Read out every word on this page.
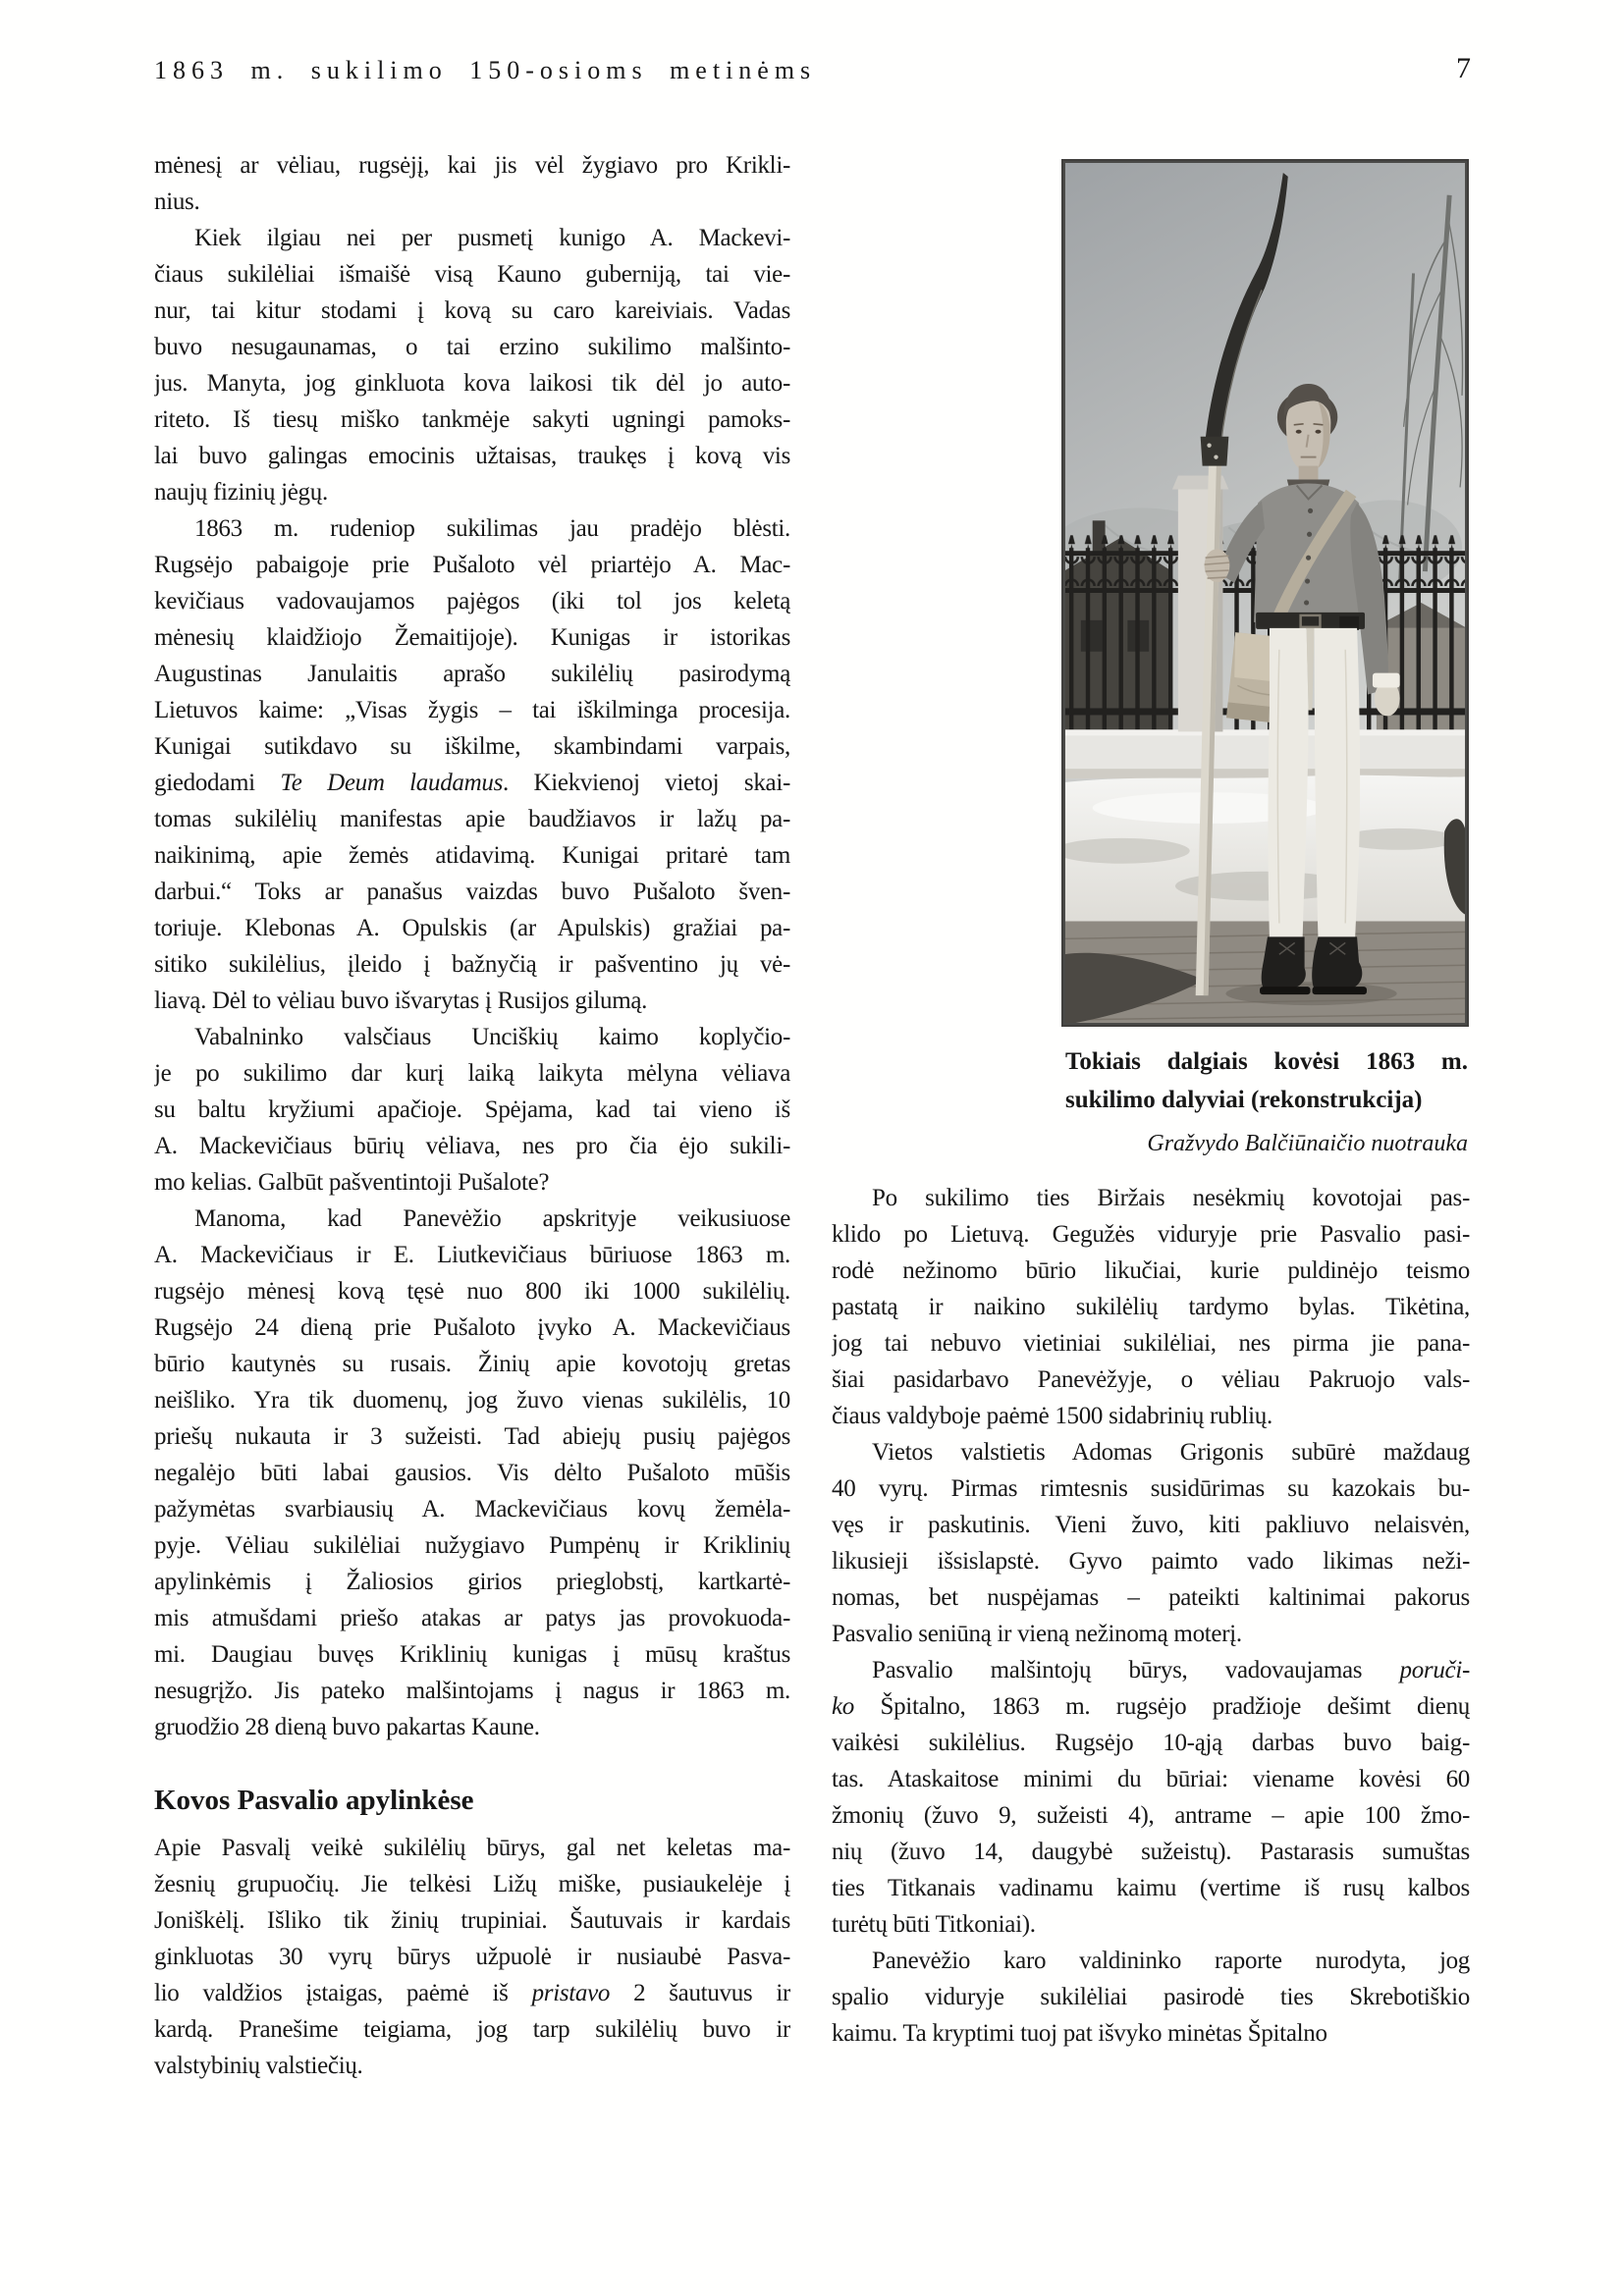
1863 m. sukilimo 150-osioms metinėms	7
mėnesį ar vėliau, rugsėjį, kai jis vėl žygiavo pro Krikli-
nius.
Kiek ilgiau nei per pusmetį kunigo A. Mackevi-
čiaus sukilėliai išmaišė visą Kauno guberniją, tai vie-
nur, tai kitur stodami į kovą su caro kareiviais. Vadas
buvo nesugaunamas, o tai erzino sukilimo malšinto-
jus. Manyta, jog ginkluota kova laikosi tik dėl jo auto-
riteto. Iš tiesų miško tankmėje sakyti ugningi pamoks-
lai buvo galingas emocinis užtaisas, traukęs į kovą vis
naujų fizinių jėgų.
1863 m. rudeniop sukilimas jau pradėjo blėsti.
Rugsėjo pabaigoje prie Pušaloto vėl priartėjo A. Mac-
kevičiaus vadovaujamos pajėgos (iki tol jos keletą
mėnesių klaidžiojo Žemaitijoje). Kunigas ir istorikas
Augustinas Janulaitis aprašo sukilėlių pasirodymą
Lietuvos kaime: „Visas žygis – tai iškilminga procesija.
Kunigai sutikdavo su iškilme, skambindami varpais,
giedodami Te Deum laudamus. Kiekvienoj vietoj skai-
tomas sukilėlių manifestas apie baudžiavos ir lažų pa-
naikinimą, apie žemės atidavimą. Kunigai pritarė tam
darbui.“ Toks ar panašus vaizdas buvo Pušaloto šven-
toriuje. Klebonas A. Opulskis (ar Apulskis) gražiai pa-
sitiko sukilėlius, įleido į bažnyčią ir pašventino jų vė-
liavą. Dėl to vėliau buvo išvarytas į Rusijos gilumą.
Vabalninko valsčiaus Unciškių kaimo koplyčio-
je po sukilimo dar kurį laiką laikyta mėlyna vėliava
su baltu kryžiumi apačioje. Spėjama, kad tai vieno iš
A. Mackevičiaus būrių vėliava, nes pro čia ėjo sukili-
mo kelias. Galbūt pašventintoji Pušalote?
Manoma, kad Panevėžio apskrityje veikusiuose
A. Mackevičiaus ir E. Liutkevičiaus būriuose 1863 m.
rugsėjo mėnesį kovą tęsė nuo 800 iki 1000 sukilėlių.
Rugsėjo 24 dieną prie Pušaloto įvyko A. Mackevičiaus
būrio kautynės su rusais. Žinių apie kovotojų gretas
neišliko. Yra tik duomenų, jog žuvo vienas sukilėlis, 10
priešų nukauta ir 3 sužeisti. Tad abiejų pusių pajėgos
negalėjo būti labai gausios. Vis dėlto Pušaloto mūšis
pažymėtas svarbiausių A. Mackevičiaus kovų žemėla-
pyje. Vėliau sukilėliai nužygiavo Pumpėnų ir Kriklinių
apylinkėmis į Žaliosios girios prieglobstį, kartkartė-
mis atmušdami priešo atakas ar patys jas provokuoda-
mi. Daugiau buvęs Kriklinių kunigas į mūsų kraštus
nesugrįžo. Jis pateko malšintojams į nagus ir 1863 m.
gruodžio 28 dieną buvo pakartas Kaune.
Kovos Pasvalio apylinkėse
Apie Pasvalį veikė sukilėlių būrys, gal net keletas ma-
žesnių grupuočių. Jie telkėsi Ližų miške, pusiaukelėje į
Joniškėlį. Išliko tik žinių trupiniai. Šautuvais ir kardais
ginkluotas 30 vyrų būrys užpuolė ir nusiaubė Pasva-
lio valdžios įstaigas, paėmė iš pristavo 2 šautuvus ir
kardą. Pranešime teigiama, jog tarp sukilėlių buvo ir
valstybinių valstiečių.
Tokiais dalgiais kovėsi 1863 m.
sukilimo dalyviai (rekonstrukcija)
Gražvydo Balčiūnaičio nuotrauka
Po sukilimo ties Biržais nesėkmių kovotojai pas-
klido po Lietuvą. Gegužės viduryje prie Pasvalio pasi-
rodė nežinomo būrio likučiai, kurie puldinėjo teismo
pastatą ir naikino sukilėlių tardymo bylas. Tikėtina,
jog tai nebuvo vietiniai sukilėliai, nes pirma jie pana-
šiai pasidarbavo Panevėžyje, o vėliau Pakruojo vals-
čiaus valdyboje paėmė 1500 sidabrinių rublių.
Vietos valstietis Adomas Grigonis subūrė maždaug
40 vyrų. Pirmas rimtesnis susidūrimas su kazokais bu-
vęs ir paskutinis. Vieni žuvo, kiti pakliuvo nelaisvėn,
likusieji išsislapstė. Gyvo paimto vado likimas neži-
nomas, bet nuspėjamas – pateikti kaltinimai pakorus
Pasvalio seniūną ir vieną nežinomą moterį.
Pasvalio malšintojų būrys, vadovaujamas poruči-
ko Špitalno, 1863 m. rugsėjo pradžioje dešimt dienų
vaikėsi sukilėlius. Rugsėjo 10-ąją darbas buvo baig-
tas. Ataskaitose minimi du būriai: viename kovėsi 60
žmonių (žuvo 9, sužeisti 4), antrame – apie 100 žmo-
nių (žuvo 14, daugybė sužeistų). Pastarasis sumuštas
ties Titkanais vadinamu kaimu (vertime iš rusų kalbos
turėtų būti Titkoniai).
Panevėžio karo valdininko raporte nurodyta, jog
spalio viduryje sukilėliai pasirodė ties Skrebotiškio
kaimu. Ta kryptimi tuoj pat išvyko minėtas Špitalno
